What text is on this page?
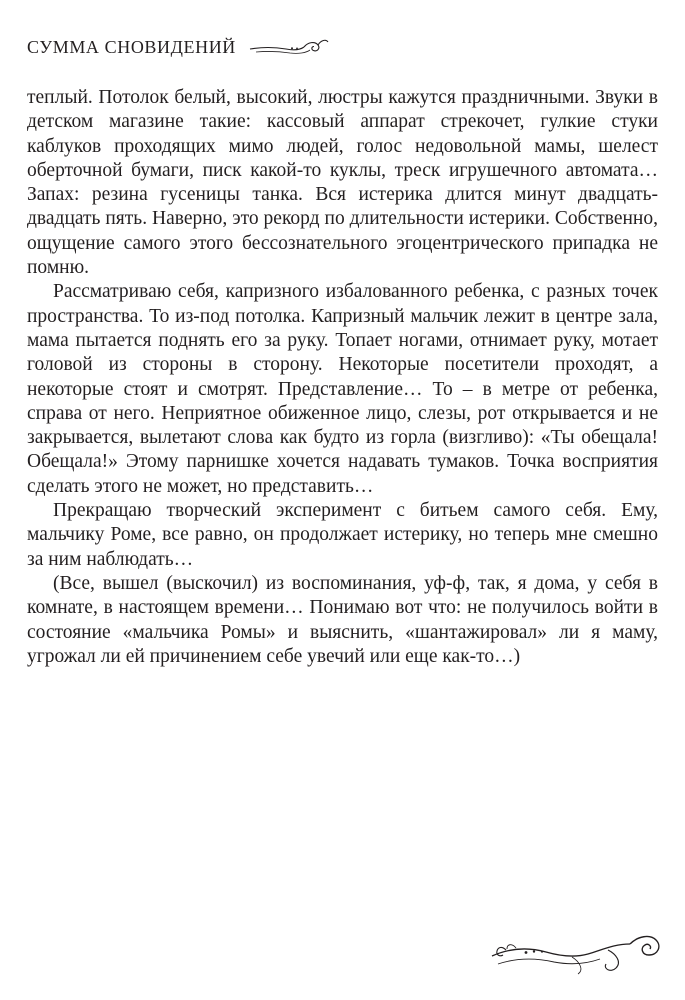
СУММА СНОВИДЕНИЙ

теплый. Потолок белый, высокий, люстры кажутся праздничными. Звуки в детском магазине такие: кассовый аппарат стрекочет, гулкие стуки каблуков проходящих мимо людей, голос недовольной мамы, шелест оберточной бумаги, писк какой-то куклы, треск игрушечного автомата… Запах: резина гусеницы танка. Вся истерика длится минут двадцать-двадцать пять. Наверно, это рекорд по длительности истерики. Собственно, ощущение самого этого бессознательного эгоцентрического припадка не помню.

Рассматриваю себя, капризного избалованного ребенка, с разных точек пространства. То из-под потолка. Капризный мальчик лежит в центре зала, мама пытается поднять его за руку. Топает ногами, отнимает руку, мотает головой из стороны в сторону. Некоторые посетители проходят, а некоторые стоят и смотрят. Представление… То – в метре от ребенка, справа от него. Неприятное обиженное лицо, слезы, рот открывается и не закрывается, вылетают слова как будто из горла (визгливо): «Ты обещала! Обещала!» Этому парнишке хочется надавать тумаков. Точка восприятия сделать этого не может, но представить…

Прекращаю творческий эксперимент с битьем самого себя. Ему, мальчику Роме, все равно, он продолжает истерику, но теперь мне смешно за ним наблюдать…

(Все, вышел (выскочил) из воспоминания, уф-ф, так, я дома, у себя в комнате, в настоящем времени… Понимаю вот что: не получилось войти в состояние «мальчика Ромы» и выяснить, «шантажировал» ли я маму, угрожал ли ей причинением себе увечий или еще как-то…)
